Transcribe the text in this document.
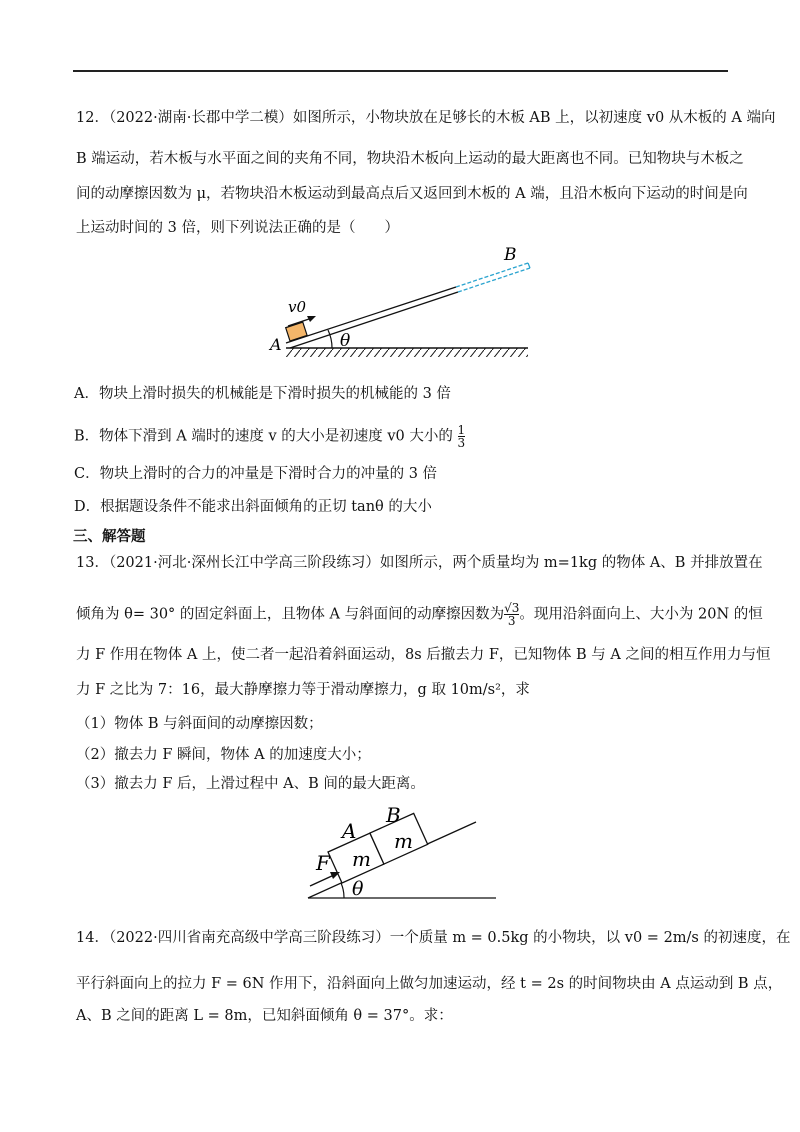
12．（2022·湖南·长郡中学二模）如图所示，小物块放在足够长的木板 AB 上，以初速度 v0 从木板的 A 端向
B 端运动，若木板与水平面之间的夹角不同，物块沿木板向上运动的最大距离也不同。已知物块与木板之
间的动摩擦因数为 μ，若物块沿木板运动到最高点后又返回到木板的 A 端，且沿木板向下运动的时间是向
上运动时间的 3 倍，则下列说法正确的是（　　）
A
B
v0
θ
A．物块上滑时损失的机械能是下滑时损失的机械能的 3 倍
B．物体下滑到 A 端时的速度 v 的大小是初速度 v0 大小的 $\frac{1}{3}$
C．物块上滑时的合力的冲量是下滑时合力的冲量的 3 倍
D．根据题设条件不能求出斜面倾角的正切 tanθ 的大小
三、解答题
13．（2021·河北·深州长江中学高三阶段练习）如图所示，两个质量均为 m=1kg 的物体 A、B 并排放置在
倾角为 θ= 30° 的固定斜面上，且物体 A 与斜面间的动摩擦因数为 $\frac{√3}{3}$ 。现用沿斜面向上、大小为 20N 的恒
力 F 作用在物体 A 上，使二者一起沿着斜面运动，8s 后撤去力 F，已知物体 B 与 A 之间的相互作用力与恒
力 F 之比为 7：16，最大静摩擦力等于滑动摩擦力，g 取 10m/s²，求
（1）物体 B 与斜面间的动摩擦因数；
（2）撤去力 F 瞬间，物体 A 的加速度大小；
（3）撤去力 F 后，上滑过程中 A、B 间的最大距离。
F
A
B
m
m
θ
14．（2022·四川省南充高级中学高三阶段练习）一个质量 m = 0.5kg 的小物块，以 v0 = 2m/s 的初速度，在
平行斜面向上的拉力 F = 6N 作用下，沿斜面向上做匀加速运动，经 t = 2s 的时间物块由 A 点运动到 B 点，
A、B 之间的距离 L = 8m，已知斜面倾角 θ = 37°。求：
